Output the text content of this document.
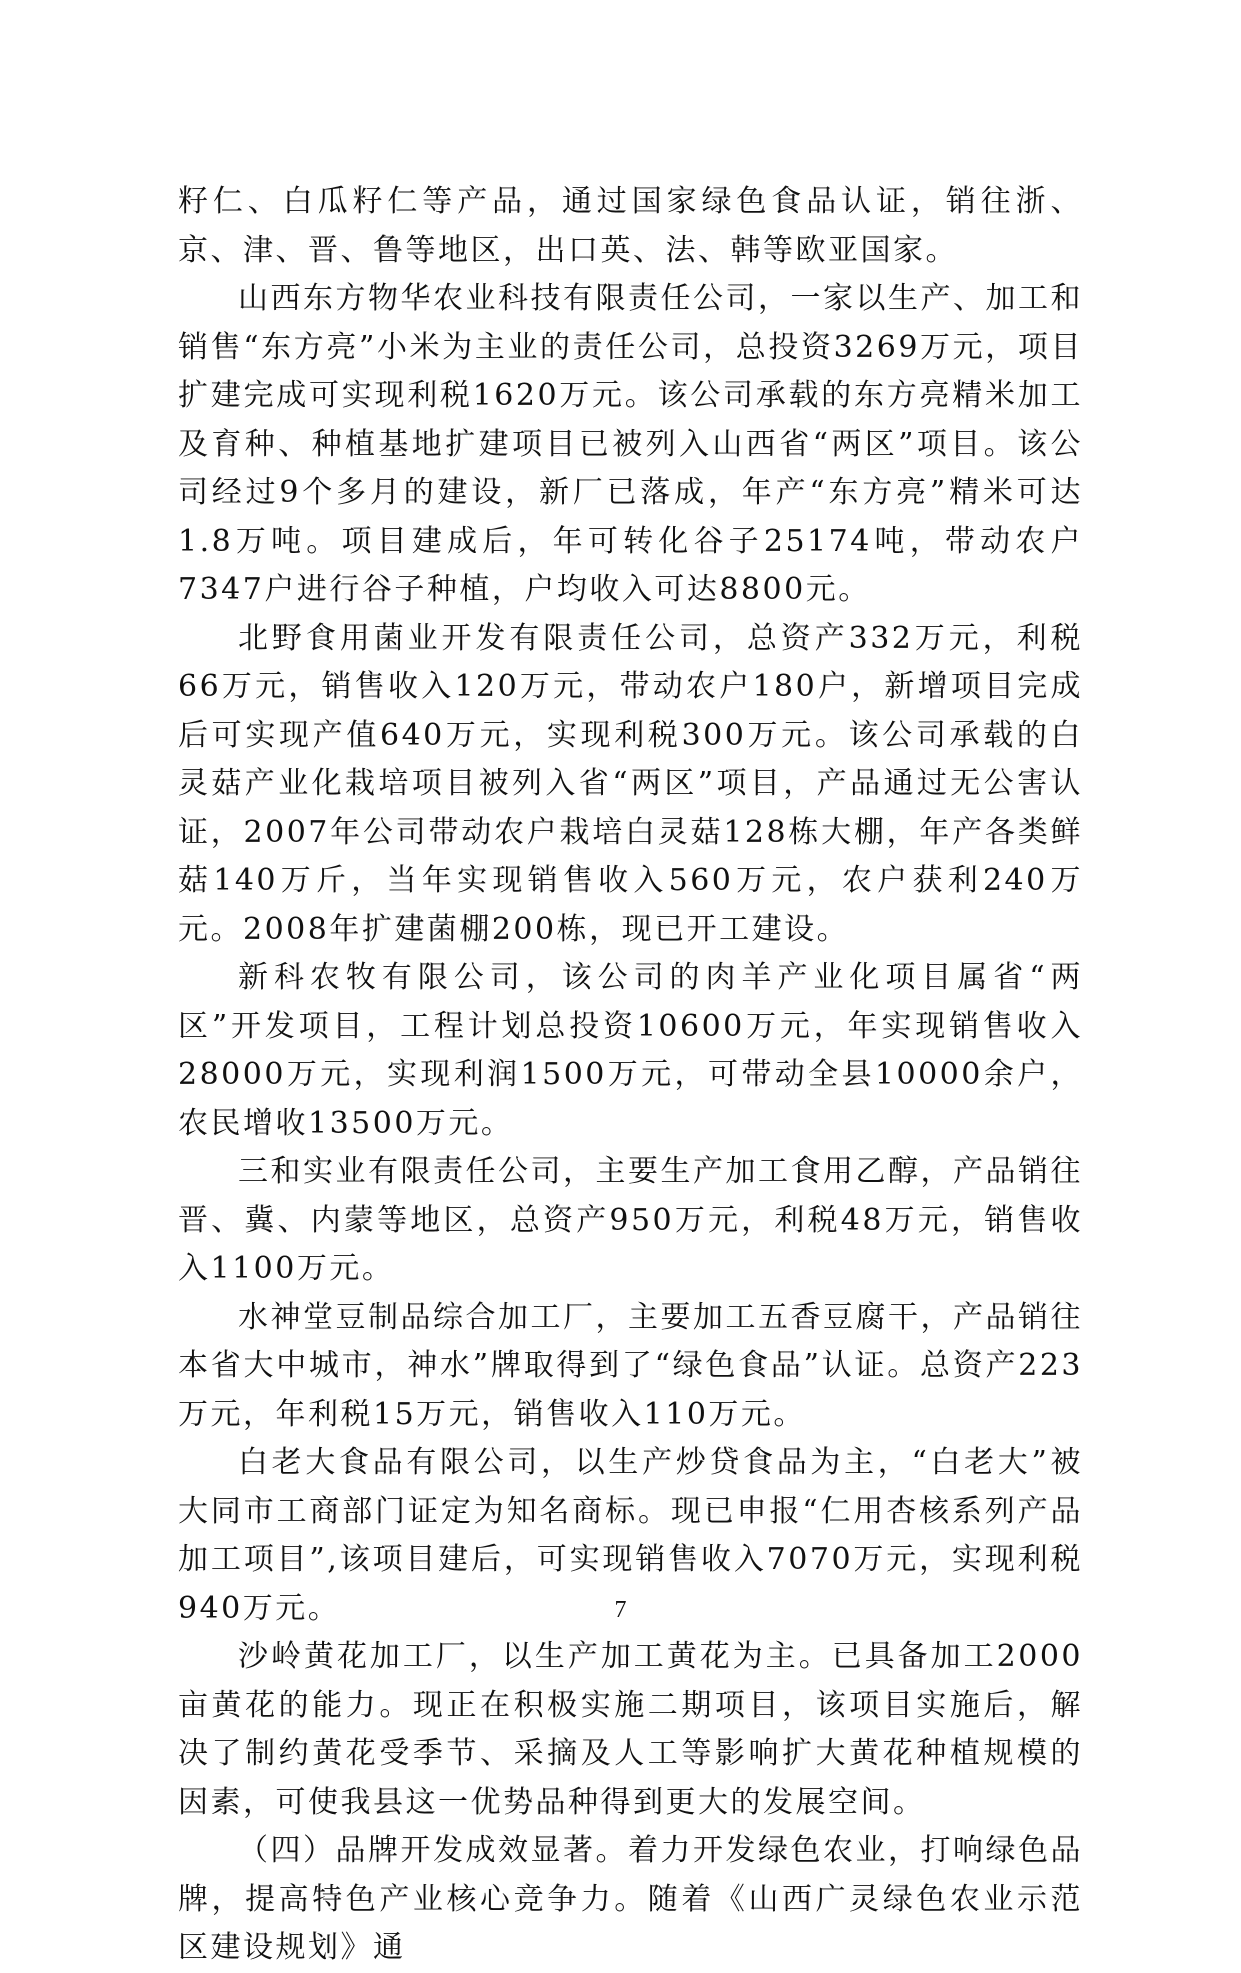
籽仁、白瓜籽仁等产品，通过国家绿色食品认证，销往浙、京、津、晋、鲁等地区，出口英、法、韩等欧亚国家。

山西东方物华农业科技有限责任公司，一家以生产、加工和销售“东方亮”小米为主业的责任公司，总投资3269万元，项目扩建完成可实现利税1620万元。该公司承载的东方亮精米加工及育种、种植基地扩建项目已被列入山西省“两区”项目。该公司经过9个多月的建设，新厂已落成，年产“东方亮”精米可达1.8万吨。项目建成后，年可转化谷子25174吨，带动农户7347户进行谷子种植，户均收入可达8800元。

北野食用菌业开发有限责任公司，总资产332万元，利税66万元，销售收入120万元，带动农户180户，新增项目完成后可实现产值640万元，实现利税300万元。该公司承载的白灵菇产业化栽培项目被列入省“两区”项目，产品通过无公害认证，2007年公司带动农户栽培白灵菇128栋大棚，年产各类鲜菇140万斤，当年实现销售收入560万元，农户获利240万元。2008年扩建菌棚200栋，现已开工建设。

新科农牧有限公司，该公司的肉羊产业化项目属省“两区”开发项目，工程计划总投资10600万元，年实现销售收入28000万元，实现利润1500万元，可带动全县10000余户，农民增收13500万元。

三和实业有限责任公司，主要生产加工食用乙醇，产品销往晋、冀、内蒙等地区，总资产950万元，利税48万元，销售收入1100万元。

水神堂豆制品综合加工厂，主要加工五香豆腐干，产品销往本省大中城市，神水”牌取得到了“绿色食品”认证。总资产223万元，年利税15万元，销售收入110万元。

白老大食品有限公司，以生产炒贷食品为主，“白老大”被大同市工商部门证定为知名商标。现已申报“仁用杏核系列产品加工项目”,该项目建后，可实现销售收入7070万元，实现利税940万元。

沙岭黄花加工厂，以生产加工黄花为主。已具备加工2000亩黄花的能力。现正在积极实施二期项目，该项目实施后，解决了制约黄花受季节、采摘及人工等影响扩大黄花种植规模的因素，可使我县这一优势品种得到更大的发展空间。

（四）品牌开发成效显著。着力开发绿色农业，打响绿色品牌，提高特色产业核心竞争力。随着《山西广灵绿色农业示范区建设规划》通

7
